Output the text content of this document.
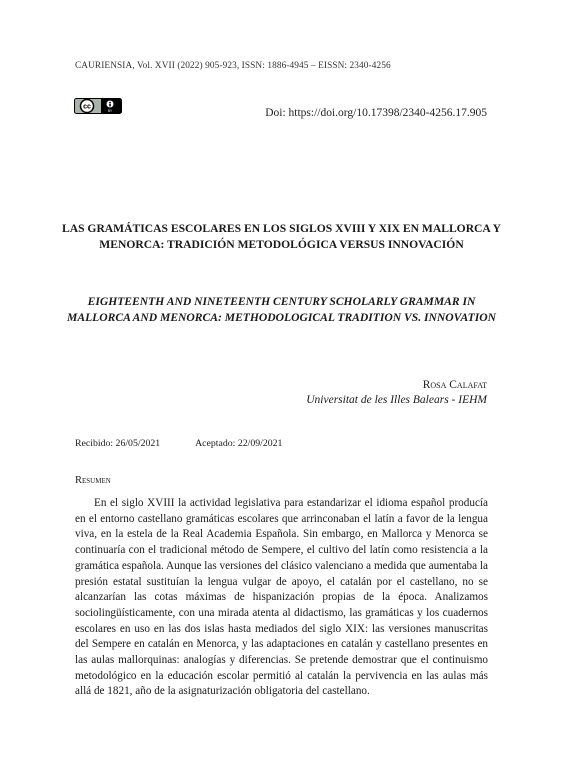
CAURIENSIA, Vol. XVII (2022) 905-923, ISSN: 1886-4945 – EISSN: 2340-4256
cc
BY	Doi: https://doi.org/10.17398/2340-4256.17.905
LAS GRAMÁTICAS ESCOLARES EN LOS SIGLOS XVIII Y XIX EN MALLORCA Y MENORCA: TRADICIÓN METODOLÓGICA VERSUS INNOVACIÓN
EIGHTEENTH AND NINETEENTH CENTURY SCHOLARLY GRAMMAR IN MALLORCA AND MENORCA: METHODOLOGICAL TRADITION VS. INNOVATION
Rosa Calafat
Universitat de les Illes Balears - IEHM
Recibido: 26/05/2021	Aceptado: 22/09/2021
Resumen
En el siglo XVIII la actividad legislativa para estandarizar el idioma español producía en el entorno castellano gramáticas escolares que arrinconaban el latín a favor de la lengua viva, en la estela de la Real Academia Española. Sin embargo, en Mallorca y Menorca se continuaría con el tradicional método de Sempere, el cultivo del latín como resistencia a la gramática española. Aunque las versiones del clásico valenciano a medida que aumentaba la presión estatal sustituían la lengua vulgar de apoyo, el catalán por el castellano, no se alcanzarían las cotas máximas de hispanización propias de la época. Analizamos sociolingüísticamente, con una mirada atenta al didactismo, las gramáticas y los cuadernos escolares en uso en las dos islas hasta mediados del siglo XIX: las versiones manuscritas del Sempere en catalán en Menorca, y las adaptaciones en catalán y castellano presentes en las aulas mallorquinas: analogías y diferencias. Se pretende demostrar que el continuismo metodológico en la educación escolar permitió al catalán la pervivencia en las aulas más allá de 1821, año de la asignaturización obligatoria del castellano.
